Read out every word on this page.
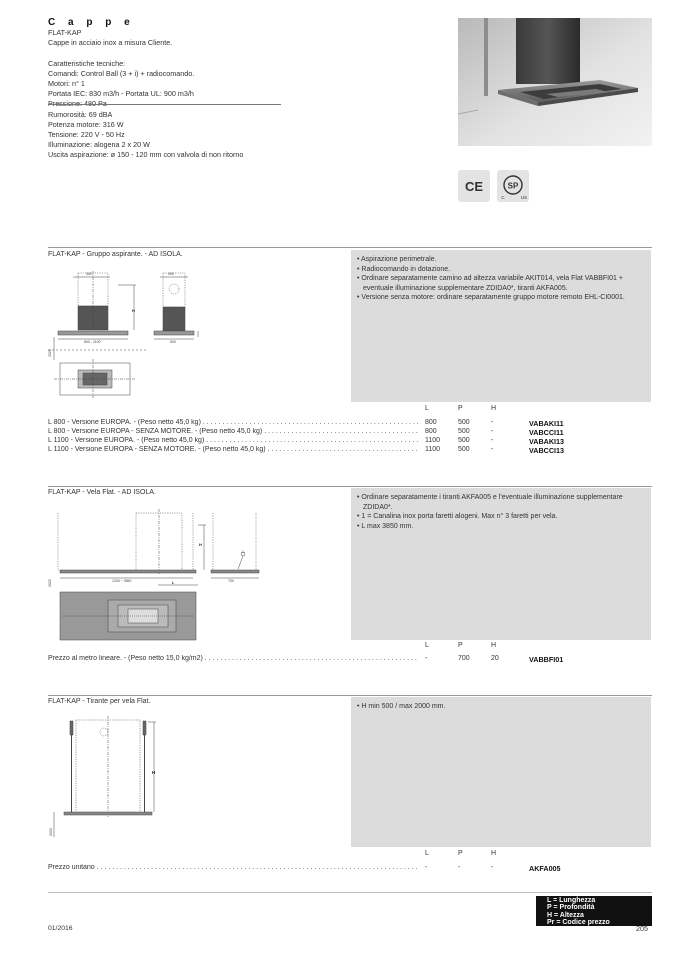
C a p p e
FLAT-KAP
Cappe in acciaio inox a misura Cliente.

Caratteristiche tecniche:
Comandi: Control Ball (3 + i) + radiocomando.
Motori: n° 1
Portata IEC: 830 m3/h - Portata UL: 900 m3/h
Pressione: 480 Pa
Rumorosità: 69 dBA
Potenza motore: 316 W
Tensione: 220 V - 50 Hz
Illuminazione: alogena 2 x 20 W
Uscita aspirazione: ø 150 - 120 mm con valvola di non ritorno
CE	SP
C	US
FLAT-KAP - Gruppo aspirante. - AD ISOLA.
340
800 - 1100
H
2020
390
500
• Aspirazione perimetrale.
• Radiocomando in dotazione.
• Ordinare separatamente camino ad altezza variabile AKIT014, vela Flat VABBFI01 + eventuale illuminazione supplementare ZDIDA0*, tiranti AKFA005.
• Versione senza motore: ordinare separatamente gruppo motore remoto EHL-CI0001.
L	P	H
L 800 - Versione EUROPA. - (Peso netto 45,0 kg) . . .	800	500	-	VABAKI11
L 800 - Versione EUROPA - SENZA MOTORE. - (Peso netto 45,0 kg) . . .	800	500	-	VABCCI11
L 1100 - Versione EUROPA. - (Peso netto 45,0 kg) . . .	1100	500	-	VABAKI13
L 1100 - Versione EUROPA - SENZA MOTORE. - (Peso netto 45,0 kg) . . .	1100	500	-	VABCCI13
FLAT-KAP - Vela Flat. - AD ISOLA.
H
1200 ÷ 3850	L
2020
1
700
• Ordinare separatamente i tiranti AKFA005 e l'eventuale illuminazione supplementare ZDIDA0*.
• 1 = Canalina inox porta faretti alogeni. Max n° 3 faretti per vela.
• L max 3850 mm.
L	P	H
Prezzo al metro lineare. - (Peso netto 15,0 kg/m2) . . .	-	700	20	VABBFI01
FLAT-KAP - Tirante per vela Flat.
H
2020
• H min 500 / max 2000 mm.
L	P	H
Prezzo unitario . . .	-	-	-	AKFA005
L = Lunghezza
P = Profondità
H = Altezza
Pr = Codice prezzo
01/2016	205
